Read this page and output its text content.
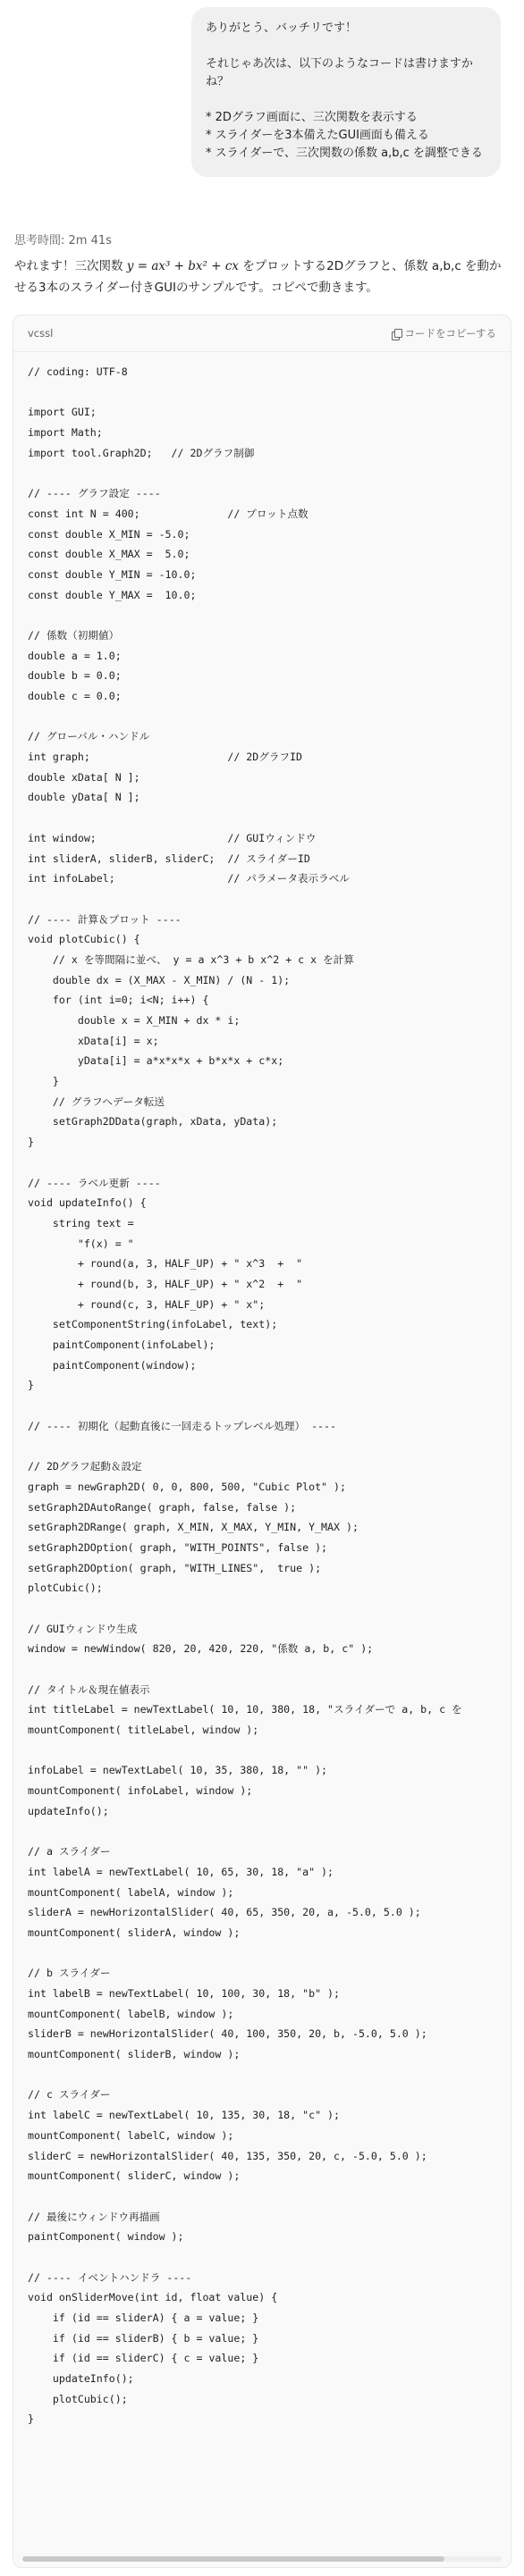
ありがとう、バッチリです！
それじゃあ次は、以下のようなコードは書けますかね？
* 2Dグラフ画面に、三次関数を表示する
* スライダーを3本備えたGUI画面も備える
* スライダーで、三次関数の係数 a,b,c を調整できる
思考時間: 2m 41s
やれます！三次関数 y = ax³ + bx² + cx をプロットする2Dグラフと、係数 a,b,c を動かせる3本のスライダー付きGUIのサンプルです。コピペで動きます。
vcssl	コードをコピーする
// coding: UTF-8
import GUI;
import Math;
import tool.Graph2D;   // 2Dグラフ制御
// ---- グラフ設定 ----
const int N = 400;              // プロット点数
const double X_MIN = -5.0;
const double X_MAX =  5.0;
const double Y_MIN = -10.0;
const double Y_MAX =  10.0;
// 係数（初期値）
double a = 1.0;
double b = 0.0;
double c = 0.0;
// グローバル・ハンドル
int graph;                      // 2DグラフID
double xData[ N ];
double yData[ N ];
int window;                     // GUIウィンドウ
int sliderA, sliderB, sliderC;  // スライダーID
int infoLabel;                  // パラメータ表示ラベル
// ---- 計算＆プロット ----
void plotCubic() {
// x を等間隔に並べ、 y = a x^3 + b x^2 + c x を計算
double dx = (X_MAX - X_MIN) / (N - 1);
for (int i=0; i<N; i++) {
double x = X_MIN + dx * i;
xData[i] = x;
yData[i] = a*x*x*x + b*x*x + c*x;
}
// グラフへデータ転送
setGraph2DData(graph, xData, yData);
}
// ---- ラベル更新 ----
void updateInfo() {
string text =
"f(x) = "
+ round(a, 3, HALF_UP) + " x^3  +  "
+ round(b, 3, HALF_UP) + " x^2  +  "
+ round(c, 3, HALF_UP) + " x";
setComponentString(infoLabel, text);
paintComponent(infoLabel);
paintComponent(window);
}
// ---- 初期化（起動直後に一回走るトップレベル処理） ----
// 2Dグラフ起動＆設定
graph = newGraph2D( 0, 0, 800, 500, "Cubic Plot" );
setGraph2DAutoRange( graph, false, false );
setGraph2DRange( graph, X_MIN, X_MAX, Y_MIN, Y_MAX );
setGraph2DOption( graph, "WITH_POINTS", false );
setGraph2DOption( graph, "WITH_LINES",  true );
plotCubic();
// GUIウィンドウ生成
window = newWindow( 820, 20, 420, 220, "係数 a, b, c" );
// タイトル＆現在値表示
int titleLabel = newTextLabel( 10, 10, 380, 18, "スライダーで a, b, c を
mountComponent( titleLabel, window );
infoLabel = newTextLabel( 10, 35, 380, 18, "" );
mountComponent( infoLabel, window );
updateInfo();
// a スライダー
int labelA = newTextLabel( 10, 65, 30, 18, "a" );
mountComponent( labelA, window );
sliderA = newHorizontalSlider( 40, 65, 350, 20, a, -5.0, 5.0 );
mountComponent( sliderA, window );
// b スライダー
int labelB = newTextLabel( 10, 100, 30, 18, "b" );
mountComponent( labelB, window );
sliderB = newHorizontalSlider( 40, 100, 350, 20, b, -5.0, 5.0 );
mountComponent( sliderB, window );
// c スライダー
int labelC = newTextLabel( 10, 135, 30, 18, "c" );
mountComponent( labelC, window );
sliderC = newHorizontalSlider( 40, 135, 350, 20, c, -5.0, 5.0 );
mountComponent( sliderC, window );
// 最後にウィンドウ再描画
paintComponent( window );
// ---- イベントハンドラ ----
void onSliderMove(int id, float value) {
if (id == sliderA) { a = value; }
if (id == sliderB) { b = value; }
if (id == sliderC) { c = value; }
updateInfo();
plotCubic();
}
